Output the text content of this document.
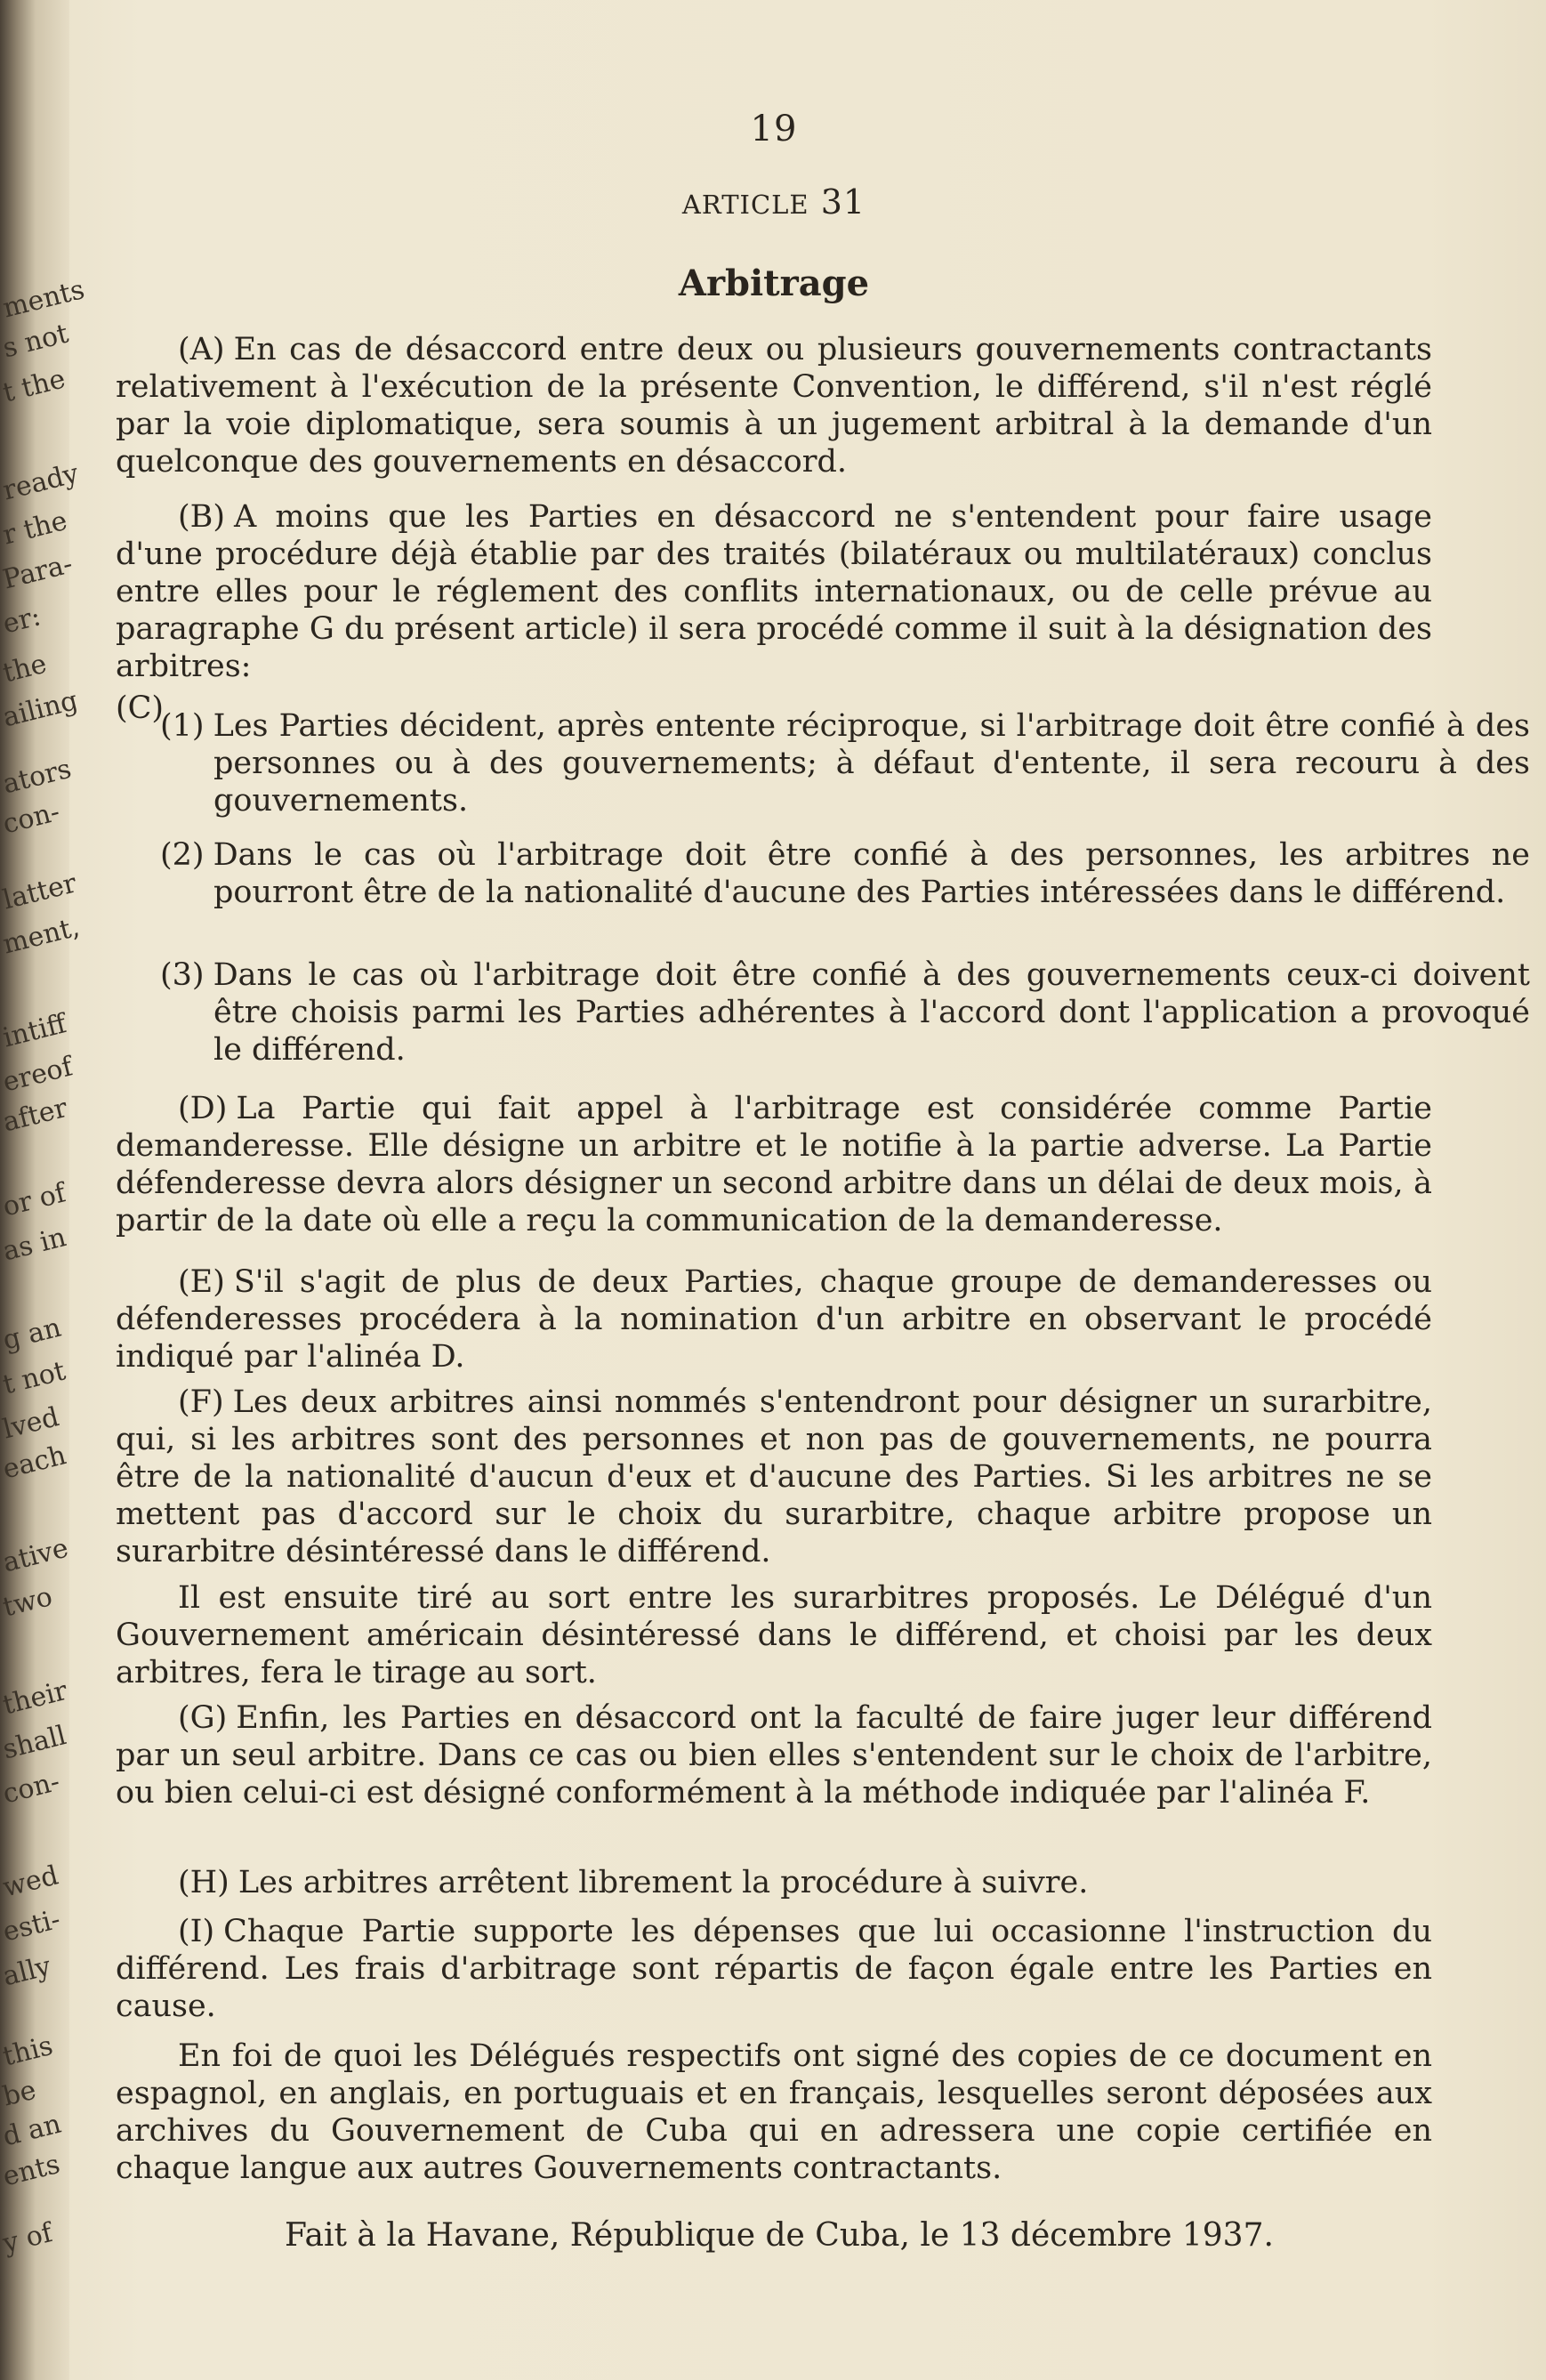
ments
s not
t the
ready
r the
Para-
er:
the
ailing
ators
con-
latter
ment,
intiff
ereof
after
or of
as in
g an
t not
lved
each
ative
two
their
shall
con-
wed
esti-
ally
this
be
d an
ents
y of
19
ARTICLE 31
Arbitrage
(A) En cas de désaccord entre deux ou plusieurs gouvernements contractants relativement à l'exécution de la présente Convention, le différend, s'il n'est réglé par la voie diplomatique, sera soumis à un jugement arbitral à la demande d'un quelconque des gouvernements en désaccord.
(B) A moins que les Parties en désaccord ne s'entendent pour faire usage d'une procédure déjà établie par des traités (bilatéraux ou multilatéraux) conclus entre elles pour le réglement des conflits internationaux, ou de celle prévue au paragraphe G du présent article) il sera procédé comme il suit à la désignation des arbitres:
(C)
(1) Les Parties décident, après entente réciproque, si l'arbitrage doit être confié à des personnes ou à des gouvernements; à défaut d'entente, il sera recouru à des gouvernements.
(2) Dans le cas où l'arbitrage doit être confié à des personnes, les arbitres ne pourront être de la nationalité d'aucune des Parties intéressées dans le différend.
(3) Dans le cas où l'arbitrage doit être confié à des gouvernements ceux-ci doivent être choisis parmi les Parties adhérentes à l'accord dont l'application a provoqué le différend.
(D) La Partie qui fait appel à l'arbitrage est considérée comme Partie demanderesse. Elle désigne un arbitre et le notifie à la partie adverse. La Partie défenderesse devra alors désigner un second arbitre dans un délai de deux mois, à partir de la date où elle a reçu la communication de la demanderesse.
(E) S'il s'agit de plus de deux Parties, chaque groupe de demanderesses ou défenderesses procédera à la nomination d'un arbitre en observant le procédé indiqué par l'alinéa D.
(F) Les deux arbitres ainsi nommés s'entendront pour désigner un surarbitre, qui, si les arbitres sont des personnes et non pas de gouvernements, ne pourra être de la nationalité d'aucun d'eux et d'aucune des Parties. Si les arbitres ne se mettent pas d'accord sur le choix du surarbitre, chaque arbitre propose un surarbitre désintéressé dans le différend.
Il est ensuite tiré au sort entre les surarbitres proposés. Le Délégué d'un Gouvernement américain désintéressé dans le différend, et choisi par les deux arbitres, fera le tirage au sort.
(G) Enfin, les Parties en désaccord ont la faculté de faire juger leur différend par un seul arbitre. Dans ce cas ou bien elles s'entendent sur le choix de l'arbitre, ou bien celui-ci est désigné conformément à la méthode indiquée par l'alinéa F.
(H) Les arbitres arrêtent librement la procédure à suivre.
(I) Chaque Partie supporte les dépenses que lui occasionne l'instruction du différend. Les frais d'arbitrage sont répartis de façon égale entre les Parties en cause.
En foi de quoi les Délégués respectifs ont signé des copies de ce document en espagnol, en anglais, en portuguais et en français, lesquelles seront déposées aux archives du Gouvernement de Cuba qui en adressera une copie certifiée en chaque langue aux autres Gouvernements contractants.
Fait à la Havane, République de Cuba, le 13 décembre 1937.
